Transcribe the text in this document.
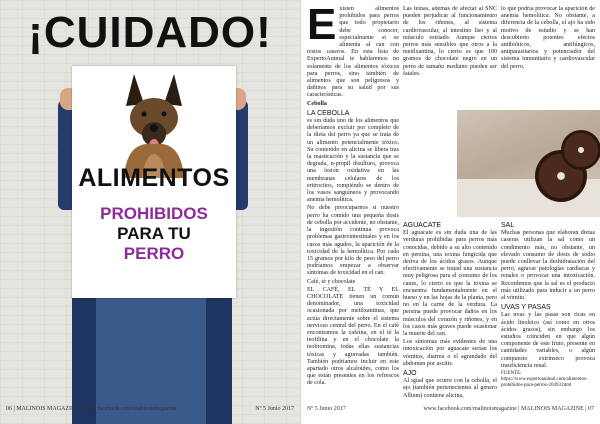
¡CUIDADO!
ALIMENTOS
PROHIBIDOS
PARA TU
PERRO
06 | MALINOIS MAGAZINE | www.facebook.com/malinoismagazine	Nº 5 Junio 2017
E xisten alimentos prohibidos para perros que todo propietario debe conocer, especialmente si se alimenta al can con restos caseros. En esta lista de ExpertoAnimal te hablaremos no solamente de los alimentos tóxicos para perros, sino también de alimentos que son peligrosos y dañinos para su salud por sus características.

Cebolla

LA CEBOLLA

es sin duda uno de los alimentos que deberíamos excluir por completo de la dieta del perro ya que se trata de un alimento potencialmente tóxico. Su contenido en alicina se libera tras la masticación y la sustancia que se degrada, n-propil disulfuro, provoca una lesión oxidativa en las membranas celulares de los eritrocitos, rompiéndo se dentro de los vasos sanguíneos y provocando anemia hemolítica.

No debe preocuparnos si nuestro perro ha comido una pequeña dosis de cebolla por accidente, no obstante, la ingestión continua provoca problemas gastrointestinales y en los casos más agudos, la aparición de la toxicidad de la hemolítica. Por cada 15 gramos por kilo de peso del perro podríamos empezar a observar síntomas de toxicidad en el can.

Café, té y chocolate

EL CAFÉ, EL TÉ Y EL CHOCOLATE tienen un común denominador, una toxicidad ocasionada por metilxantinas, que actúa directamente sobre el sistema nervioso central del perro. En el café encontramos la cafeína, en el té la teofilina y en el chocolate la teobromina, todas ellas sustancias tóxicas y agravadas también. También podríamos incluir en este apartado otros alcaloides, como los que están presentes en los refrescos de cola.

Las teínas, además de afectar al SNC pueden perjudicar al funcionamiento de los riñones, al sistema cardiovascular, al intestino liso y al músculo estriado. Aunque ciertos perros más sensibles que otros a la metilxantina, lo cierto es que 100 gramos de chocolate negro en un perro de tamaño mediano pueden ser fatales.

lo que podría provocar la aparición de anemia hemolítica. No obstante, a diferencia de la cebolla, el ajo ha sido motivo de estudio y se han descubierto potentes efectos antibióticos, antifúngicos, antiparasitarios y potenciador del sistema inmunitario y cardiovascular del perro.

AGUACATE

El aguacate es sin duda una de las verduras prohibidas para perros más conocidas, debido a su alto contenido en persina, una toxina fungicida que deriva de los ácidos grasos. Aunque efectivamente se tratad una sustancia muy peligrosa para el consumo de los canes, lo cierto es que la toxina se encuentra fundamentalmente en el hueso y en las hojas de la planta, pero no en la carne de la verdura. La persina puede provocar daños en los músculos del corazón y riñones, y en los casos más graves puede ocasionar la muerte del can.

Los síntomas más evidentes de una intoxicación por aguacate serían los vómitos, diarrea o el agrandado del abdomen por ascitis.

AJO

Al igual que ocurre con la cebolla, el ajo (también pertenecientes al género Allium) contiene alicina,

SAL

Muchas personas que elaboran dietas caseras utilizan la sal como un condimento más, no obstante, un elevado consumo de dosis de sodio puede conllevar la deshidratación del perro, agravar patologías cardiacas y renales o provocar una intoxicación. Recordemos que la sal es el producto más utilizado para inducir a un perro al vómito.

UVAS Y PASAS

Las uvas y las pasas son ricas en ácido linoleico (así como en otros ácidos grasos), sin embargo los estudios coinciden en que algún componente de este fruto, presente en cantidades variables, o algún compuesto extrínseco provoca insuficiencia renal.

FUENTE: https://www.expertoanimal.com/alimentos-prohibidos-para-perros-20493.html

Nº 5 Junio 2017	www.facebook.com/malinoismagazine | MALINOIS MAGAZINE | 07
